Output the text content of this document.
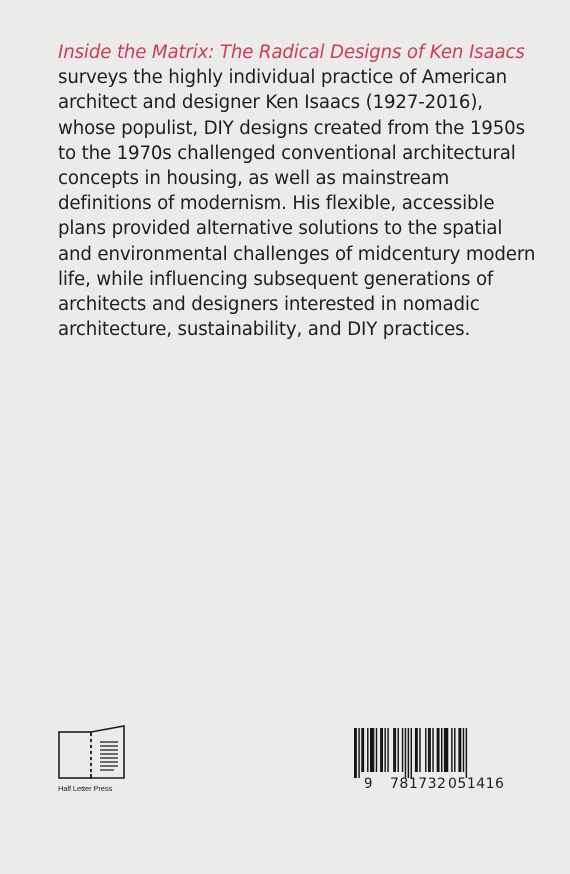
Inside the Matrix: The Radical Designs of Ken Isaacs
surveys the highly individual practice of American
architect and designer Ken Isaacs (1927-2016),
whose populist, DIY designs created from the 1950s
to the 1970s challenged conventional architectural
concepts in housing, as well as mainstream
definitions of modernism. His flexible, accessible
plans provided alternative solutions to the spatial
and environmental challenges of midcentury modern
life, while influencing subsequent generations of
architects and designers interested in nomadic
architecture, sustainability, and DIY practices.
Half Letter Press	9 781732 051416
